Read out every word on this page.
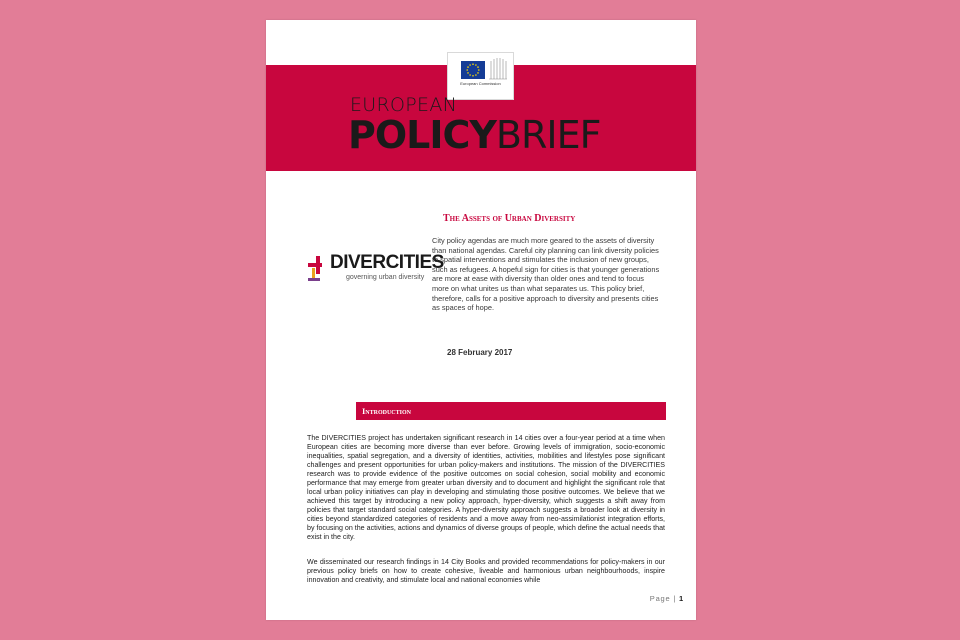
European Commission
EUROPEAN
POLICYBRIEF
DIVERCITIES
governing urban diversity
The Assets of Urban Diversity
City policy agendas are much more geared to the assets of diversity than national agendas. Careful city planning can link diversity policies to spatial interventions and stimulates the inclusion of new groups, such as refugees. A hopeful sign for cities is that younger generations are more at ease with diversity than older ones and tend to focus more on what unites us than what separates us. This policy brief, therefore, calls for a positive approach to diversity and presents cities as spaces of hope.
28 February 2017
Introduction
The DIVERCITIES project has undertaken significant research in 14 cities over a four-year period at a time when European cities are becoming more diverse than ever before. Growing levels of immigration, socio-economic inequalities, spatial segregation, and a diversity of identities, activities, mobilities and lifestyles pose significant challenges and present opportunities for urban policy-makers and institutions. The mission of the DIVERCITIES research was to provide evidence of the positive outcomes on social cohesion, social mobility and economic performance that may emerge from greater urban diversity and to document and highlight the significant role that local urban policy initiatives can play in developing and stimulating those positive outcomes. We believe that we achieved this target by introducing a new policy approach, hyper-diversity, which suggests a shift away from policies that target standard social categories. A hyper-diversity approach suggests a broader look at diversity in cities beyond standardized categories of residents and a move away from neo-assimilationist integration efforts, by focusing on the activities, actions and dynamics of diverse groups of people, which define the actual needs that exist in the city.
We disseminated our research findings in 14 City Books and provided recommendations for policy-makers in our previous policy briefs on how to create cohesive, liveable and harmonious urban neighbourhoods, inspire innovation and creativity, and stimulate local and national economies while
Page | 1
